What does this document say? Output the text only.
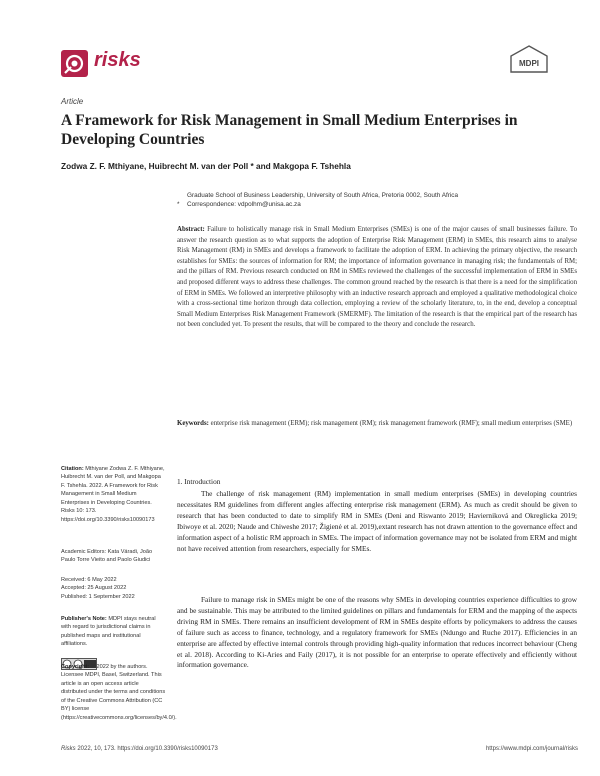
risks	MDPI
Article
A Framework for Risk Management in Small Medium Enterprises in Developing Countries
Zodwa Z. F. Mthiyane, Huibrecht M. van der Poll * and Makgopa F. Tshehla
Graduate School of Business Leadership, University of South Africa, Pretoria 0002, South Africa
* Correspondence: vdpolhm@unisa.ac.za
Abstract: Failure to holistically manage risk in Small Medium Enterprises (SMEs) is one of the major causes of small businesses failure. To answer the research question as to what supports the adoption of Enterprise Risk Management (ERM) in SMEs, this research aims to analyse Risk Management (RM) in SMEs and develops a framework to facilitate the adoption of ERM. In achieving the primary objective, the research establishes for SMEs: the sources of information for RM; the importance of information governance in managing risk; the fundamentals of RM; and the pillars of RM. Previous research conducted on RM in SMEs reviewed the challenges of the successful implementation of ERM in SMEs and proposed different ways to address these challenges. The common ground reached by the research is that there is a need for the simplification of ERM in SMEs. We followed an interpretive philosophy with an inductive research approach and employed a qualitative methodological choice with a cross-sectional time horizon through data collection, employing a review of the scholarly literature, to, in the end, develop a conceptual Small Medium Enterprises Risk Management Framework (SMERMF). The limitation of the research is that the empirical part of the research has not been concluded yet. To present the results, that will be compared to the theory and conclude the research.
Keywords: enterprise risk management (ERM); risk management (RM); risk management framework (RMF); small medium enterprises (SME)

Citation: Mthiyane Zodwa Z. F. Mthiyane, Huibrecht M. van der Poll, and Makgopa F. Tshehla. 2022. A Framework for Risk Management in Small Medium Enterprises in Developing Countries. Risks 10: 173. https://doi.org/10.3390/risks10090173

Academic Editors: Kata Váradi, João Paulo Torre Vieito and Paolo Giudici

Received: 6 May 2022

Accepted: 25 August 2022

Published: 1 September 2022

Publisher's Note: MDPI stays neutral with regard to jurisdictional claims in published maps and institutional affiliations.

Copyright: © 2022 by the authors. Licensee MDPI, Basel, Switzerland. This article is an open access article distributed under the terms and conditions of the Creative Commons Attribution (CC BY) license (https://creativecommons.org/licenses/by/4.0/).

1. Introduction

The challenge of risk management (RM) implementation in small medium enterprises (SMEs) in developing countries necessitates RM guidelines from different angles affecting enterprise risk management (ERM). As much as credit should be given to research that has been conducted to date to simplify RM in SMEs (Deni and Riswanto 2019; Havierniková and Okreglicka 2019; Ibiwoye et al. 2020; Naude and Chiweshe 2017; Žigienė et al. 2019),extant research has not drawn attention to the governance effect and information aspect of a holistic RM approach in SMEs. The impact of information governance may not be isolated from ERM and might not have received attention from researchers, especially for SMEs.

Failure to manage risk in SMEs might be one of the reasons why SMEs in developing countries experience difficulties to grow and be sustainable. This may be attributed to the limited guidelines on pillars and fundamentals for ERM and the mapping of the aspects driving RM in SMEs. There remains an insufficient development of RM in SMEs despite efforts by policymakers to address the causes of failure such as access to finance, technology, and a regulatory framework for SMEs (Ndungo and Ruche 2017). Efficiencies in an enterprise are affected by effective internal controls through providing high-quality information that reduces incorrect behaviour (Cheng et al. 2018). According to Ki-Aries and Faily (2017), it is not possible for an enterprise to operate effectively and efficiently without information governance.

Risks 2022, 10, 173. https://doi.org/10.3390/risks10090173	https://www.mdpi.com/journal/risks
